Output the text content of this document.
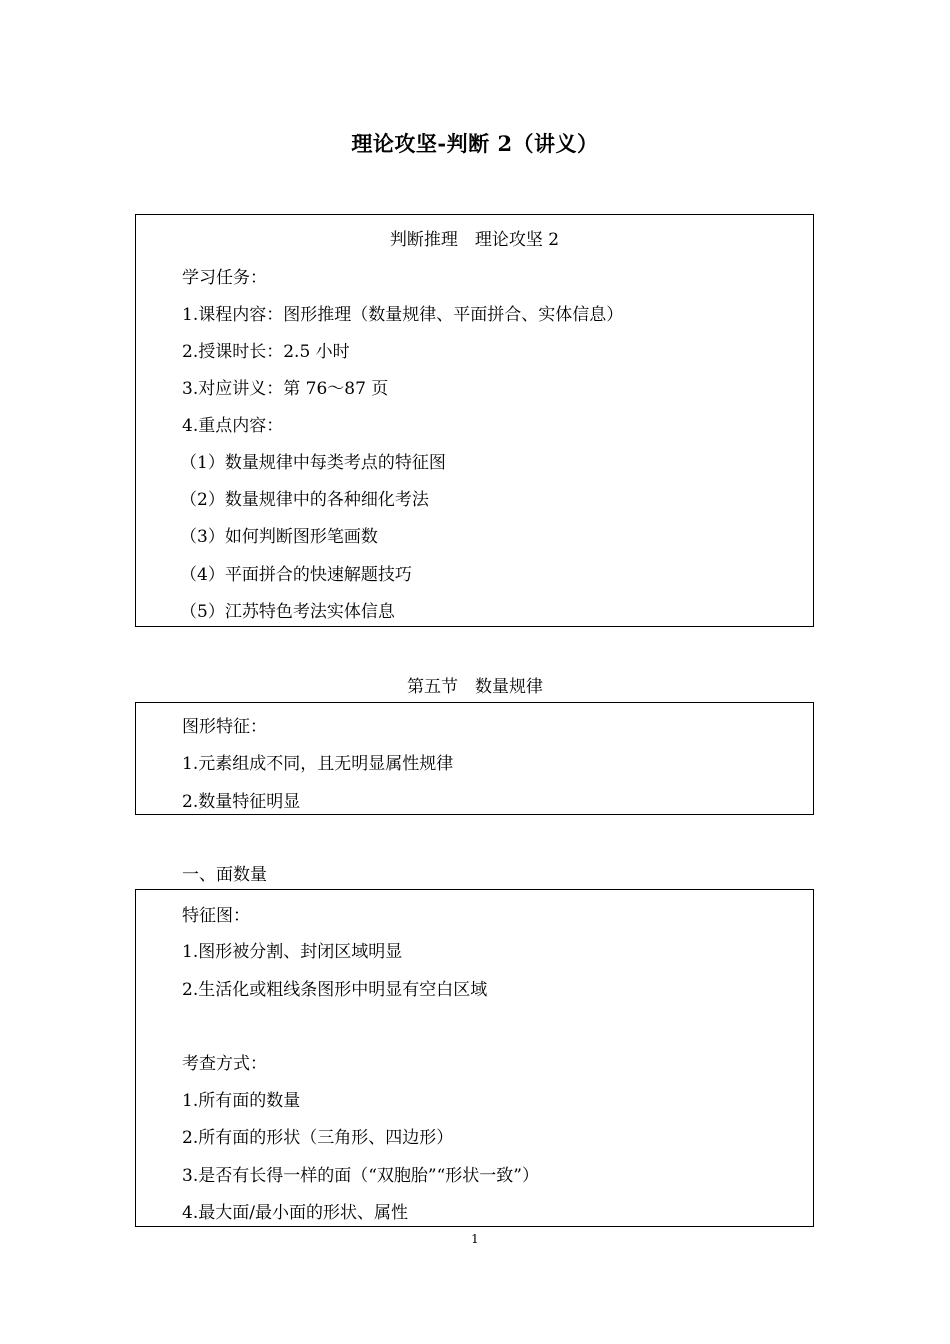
理论攻坚-判断 2（讲义）
判断推理　理论攻坚 2
学习任务：
1.课程内容：图形推理（数量规律、平面拼合、实体信息）
2.授课时长：2.5 小时
3.对应讲义：第 76～87 页
4.重点内容：
（1）数量规律中每类考点的特征图
（2）数量规律中的各种细化考法
（3）如何判断图形笔画数
（4）平面拼合的快速解题技巧
（5）江苏特色考法实体信息
第五节　数量规律
图形特征：
1.元素组成不同，且无明显属性规律
2.数量特征明显
一、面数量
特征图：
1.图形被分割、封闭区域明显
2.生活化或粗线条图形中明显有空白区域
考查方式：
1.所有面的数量
2.所有面的形状（三角形、四边形）
3.是否有长得一样的面（“双胞胎”“形状一致”）
4.最大面/最小面的形状、属性
1
